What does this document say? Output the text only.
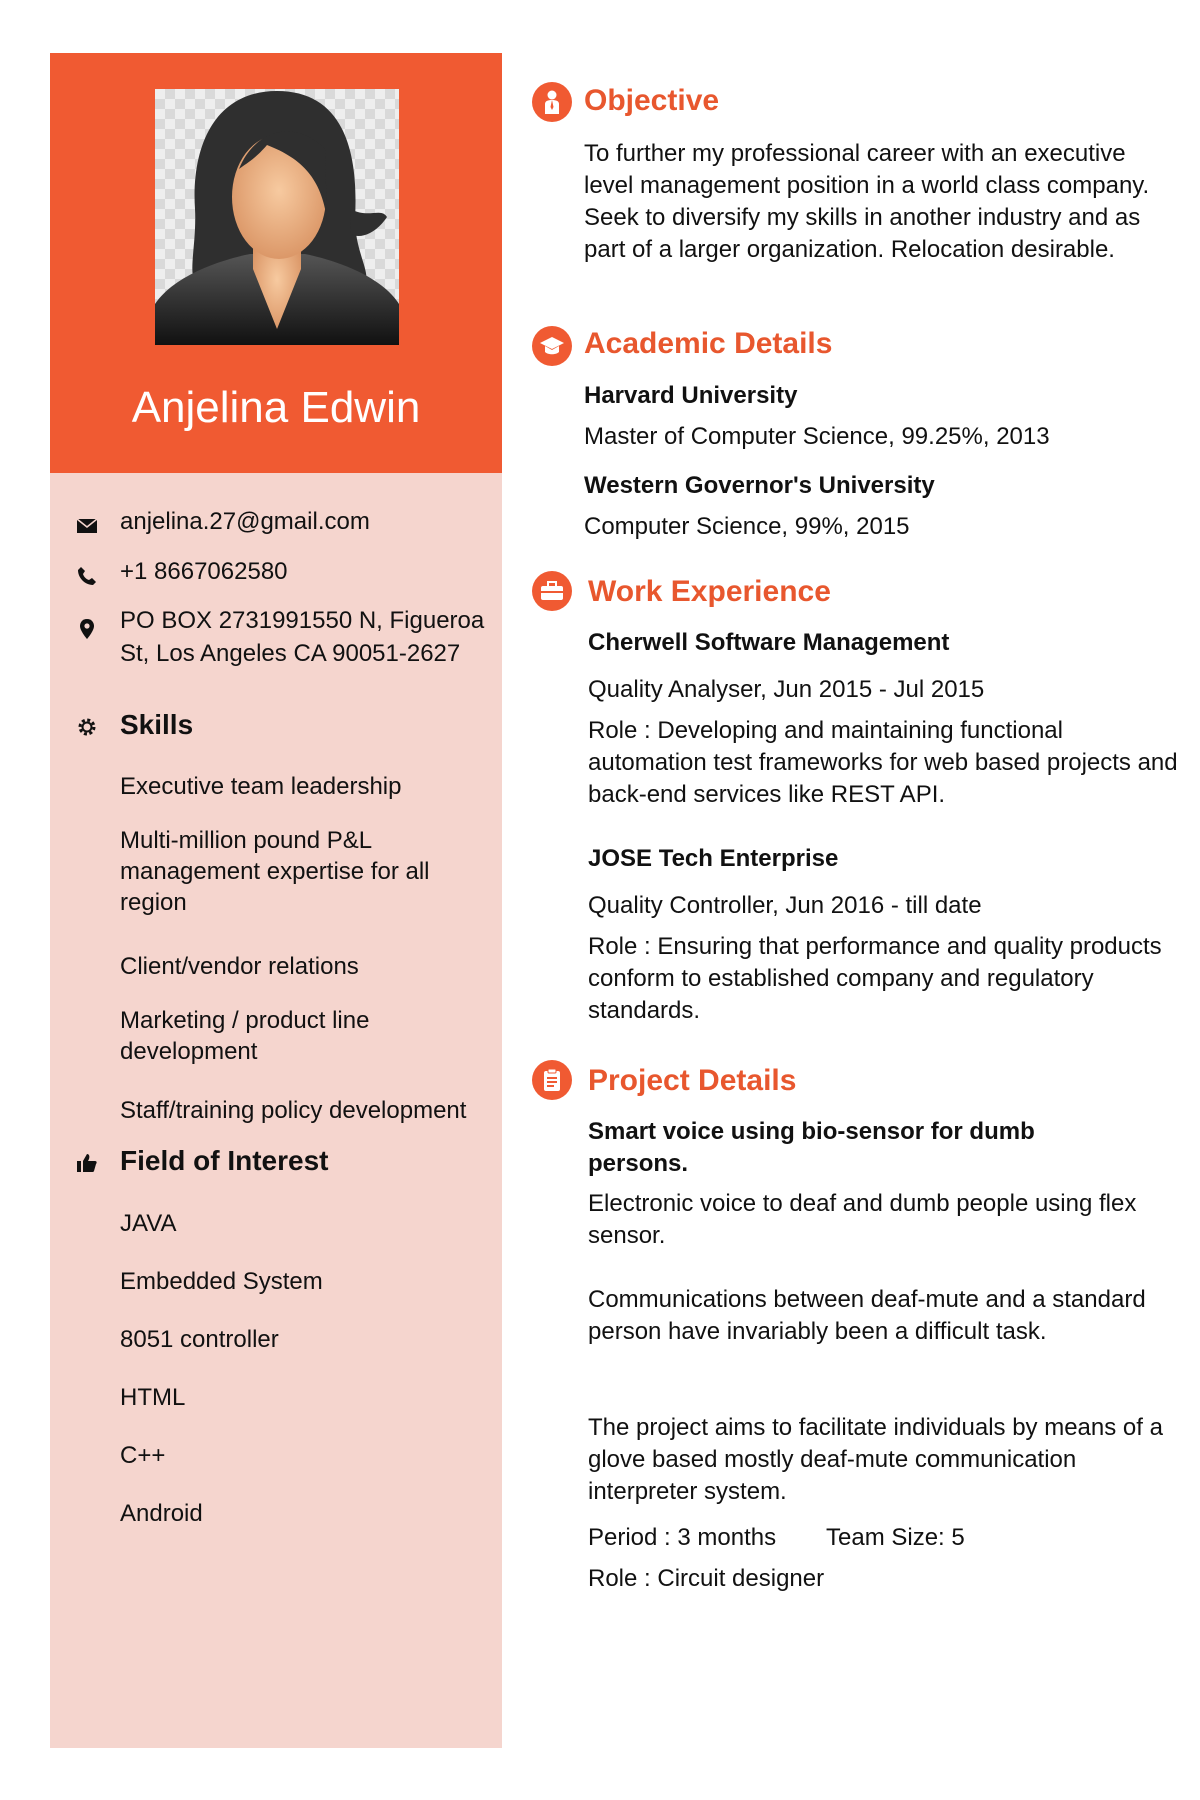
Anjelina Edwin
anjelina.27@gmail.com
+1 8667062580
PO BOX 2731991550 N, Figueroa St, Los Angeles CA 90051-2627
Skills
Executive team leadership
Multi-million pound P&L management expertise for all region
Client/vendor relations
Marketing / product line development
Staff/training policy development
Field of Interest
JAVA
Embedded System
8051 controller
HTML
C++
Android
Objective
To further my professional career with an executive level management position in a world class company. Seek to diversify my skills in another industry and as part of a larger organization. Relocation desirable.
Academic Details
Harvard University
Master of Computer Science, 99.25%, 2013
Western Governor's University
Computer Science, 99%, 2015
Work Experience
Cherwell Software Management
Quality Analyser, Jun 2015 - Jul 2015
Role : Developing and maintaining functional automation test frameworks for web based projects and back-end services like REST API.
JOSE Tech Enterprise
Quality Controller, Jun 2016 - till date
Role : Ensuring that performance and quality products conform to established company and regulatory standards.
Project Details
Smart voice using bio-sensor for dumb persons.
Electronic voice to deaf and dumb people using flex sensor.
Communications between deaf-mute and a standard person have invariably been a difficult task.
The project aims to facilitate individuals by means of a glove based mostly deaf-mute communication interpreter system.
Period : 3 months Team Size: 5
Role : Circuit designer
